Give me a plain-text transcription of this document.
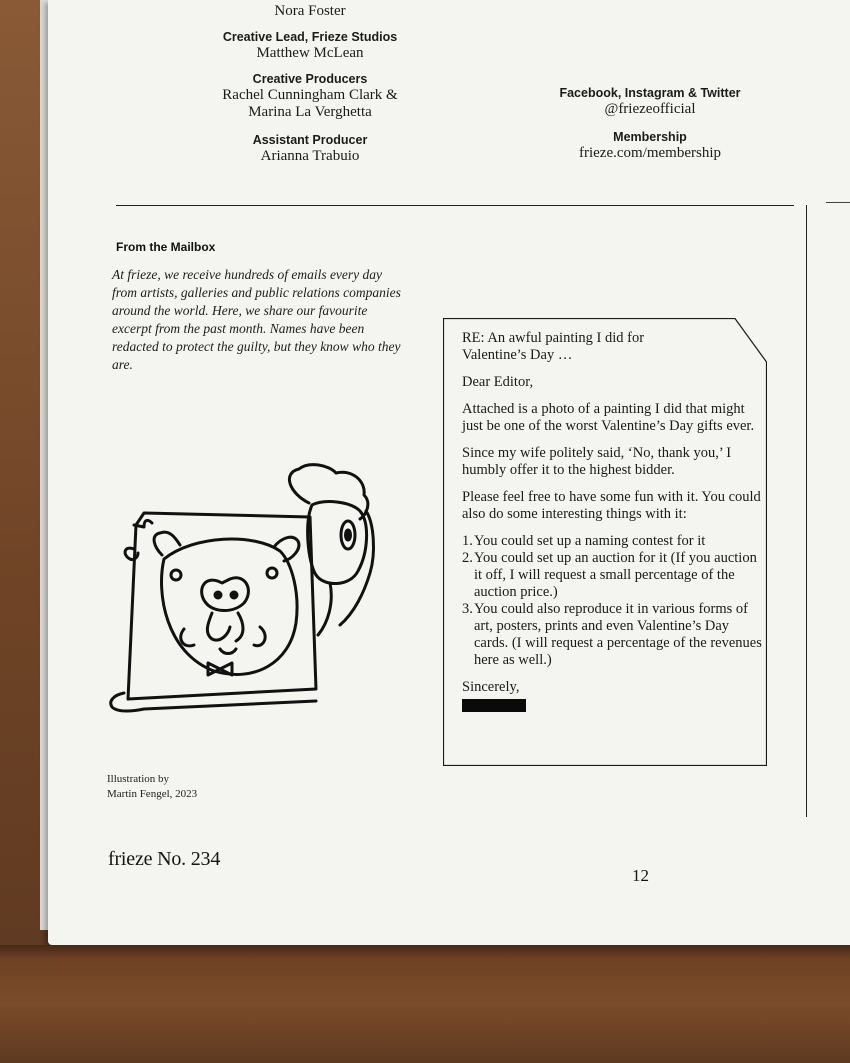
Nora Foster
Creative Lead, Frieze Studios
Matthew McLean
Creative Producers
Rachel Cunningham Clark &
Marina La Verghetta
Assistant Producer
Arianna Trabuio
Facebook, Instagram & Twitter
@friezeofficial
Membership
frieze.com/membership
From the Mailbox
At frieze, we receive hundreds of emails every day from artists, galleries and public relations companies around the world. Here, we share our favourite excerpt from the past month. Names have been redacted to protect the guilty, but they know who they are.

RE: An awful painting I did for Valentine’s Day …

Dear Editor,

Attached is a photo of a painting I did that might just be one of the worst Valentine’s Day gifts ever.

Since my wife politely said, ‘No, thank you,’ I humbly offer it to the highest bidder.

Please feel free to have some fun with it. You could also do some interesting things with it:

1. You could set up a naming contest for it
2. You could set up an auction for it (If you auction it off, I will request a small percentage of the auction price.)
3. You could also reproduce it in various forms of art, posters, prints and even Valentine’s Day cards. (I will request a percentage of the revenues here as well.)
Sincerely,
Illustration by
Martin Fengel, 2023
frieze No. 234
12
